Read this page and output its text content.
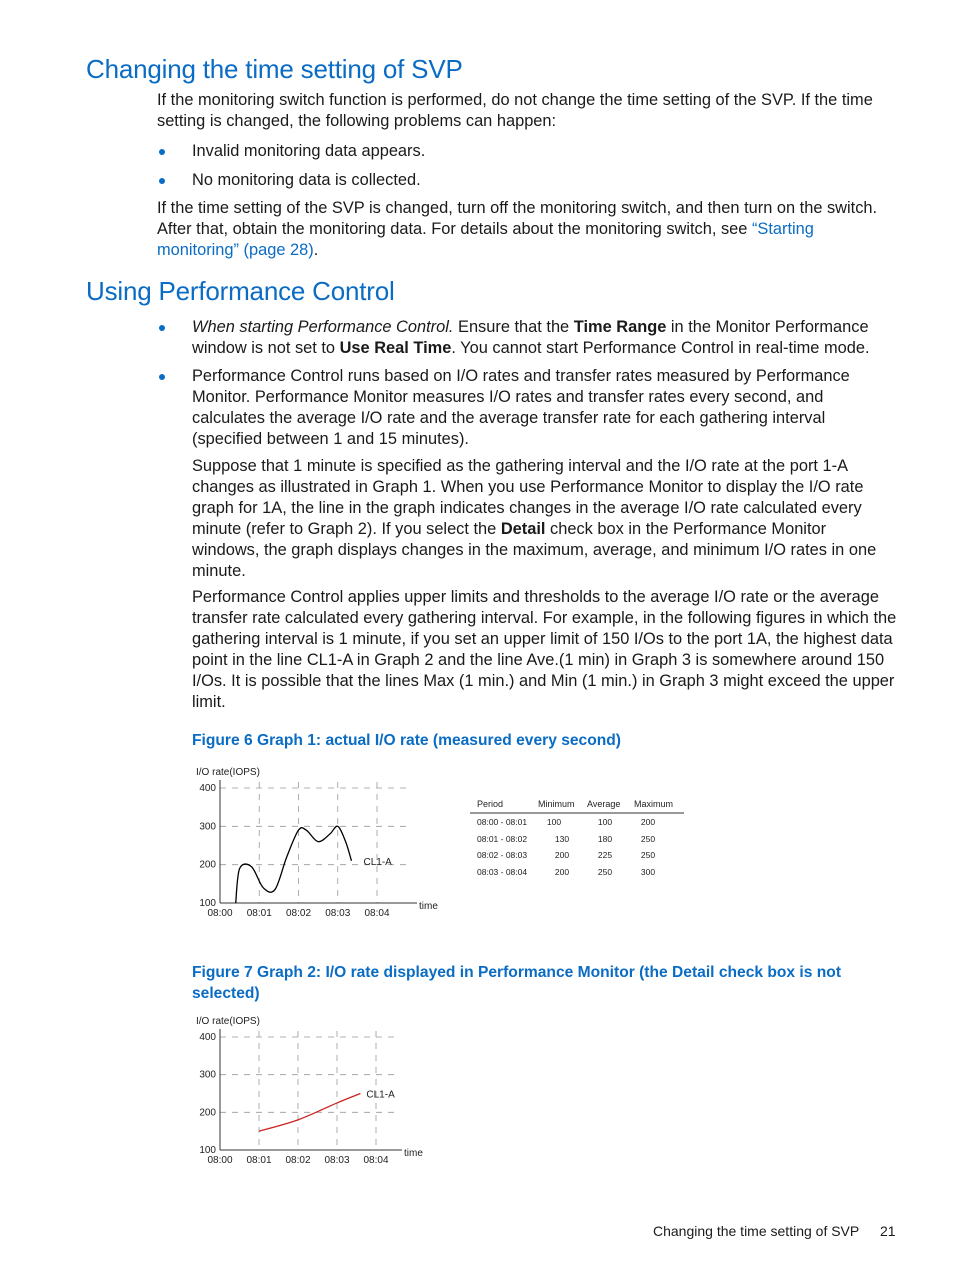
Changing the time setting of SVP

If the monitoring switch function is performed, do not change the time setting of the SVP. If the time setting is changed, the following problems can happen:

Invalid monitoring data appears.

No monitoring data is collected.

If the time setting of the SVP is changed, turn off the monitoring switch, and then turn on the switch. After that, obtain the monitoring data. For details about the monitoring switch, see “Starting monitoring” (page 28).

Using Performance Control

When starting Performance Control. Ensure that the Time Range in the Monitor Performance window is not set to Use Real Time. You cannot start Performance Control in real-time mode.

Performance Control runs based on I/O rates and transfer rates measured by Performance Monitor. Performance Monitor measures I/O rates and transfer rates every second, and calculates the average I/O rate and the average transfer rate for each gathering interval (specified between 1 and 15 minutes).

Suppose that 1 minute is specified as the gathering interval and the I/O rate at the port 1-A changes as illustrated in Graph 1. When you use Performance Monitor to display the I/O rate graph for 1A, the line in the graph indicates changes in the average I/O rate calculated every minute (refer to Graph 2). If you select the Detail check box in the Performance Monitor windows, the graph displays changes in the maximum, average, and minimum I/O rates in one minute.

Performance Control applies upper limits and thresholds to the average I/O rate or the average transfer rate calculated every gathering interval. For example, in the following figures in which the gathering interval is 1 minute, if you set an upper limit of 150 I/Os to the port 1A, the highest data point in the line CL1-A in Graph 2 and the line Ave.(1 min) in Graph 3 is somewhere around 150 I/Os. It is possible that the lines Max (1 min.) and Min (1 min.) in Graph 3 might exceed the upper limit.

Figure 6 Graph 1: actual I/O rate (measured every second)

100
200
300
400
08:00 08:01 08:02 08:03 08:04
I/O rate(IOPS)
time
CL1-A
Period	Minimum Average Maximum
08:00 - 08:01 100	100	200
08:01 - 08:02	130	180	250
08:02 - 08:03	200	225	250
08:03 - 08:04	200	250	300

Figure 7 Graph 2: I/O rate displayed in Performance Monitor (the Detail check box is not selected)

100
200
300
400
08:00 08:01 08:02 08:03 08:04
I/O rate(IOPS)
time
CL1-A
Changing the time setting of SVP 21
